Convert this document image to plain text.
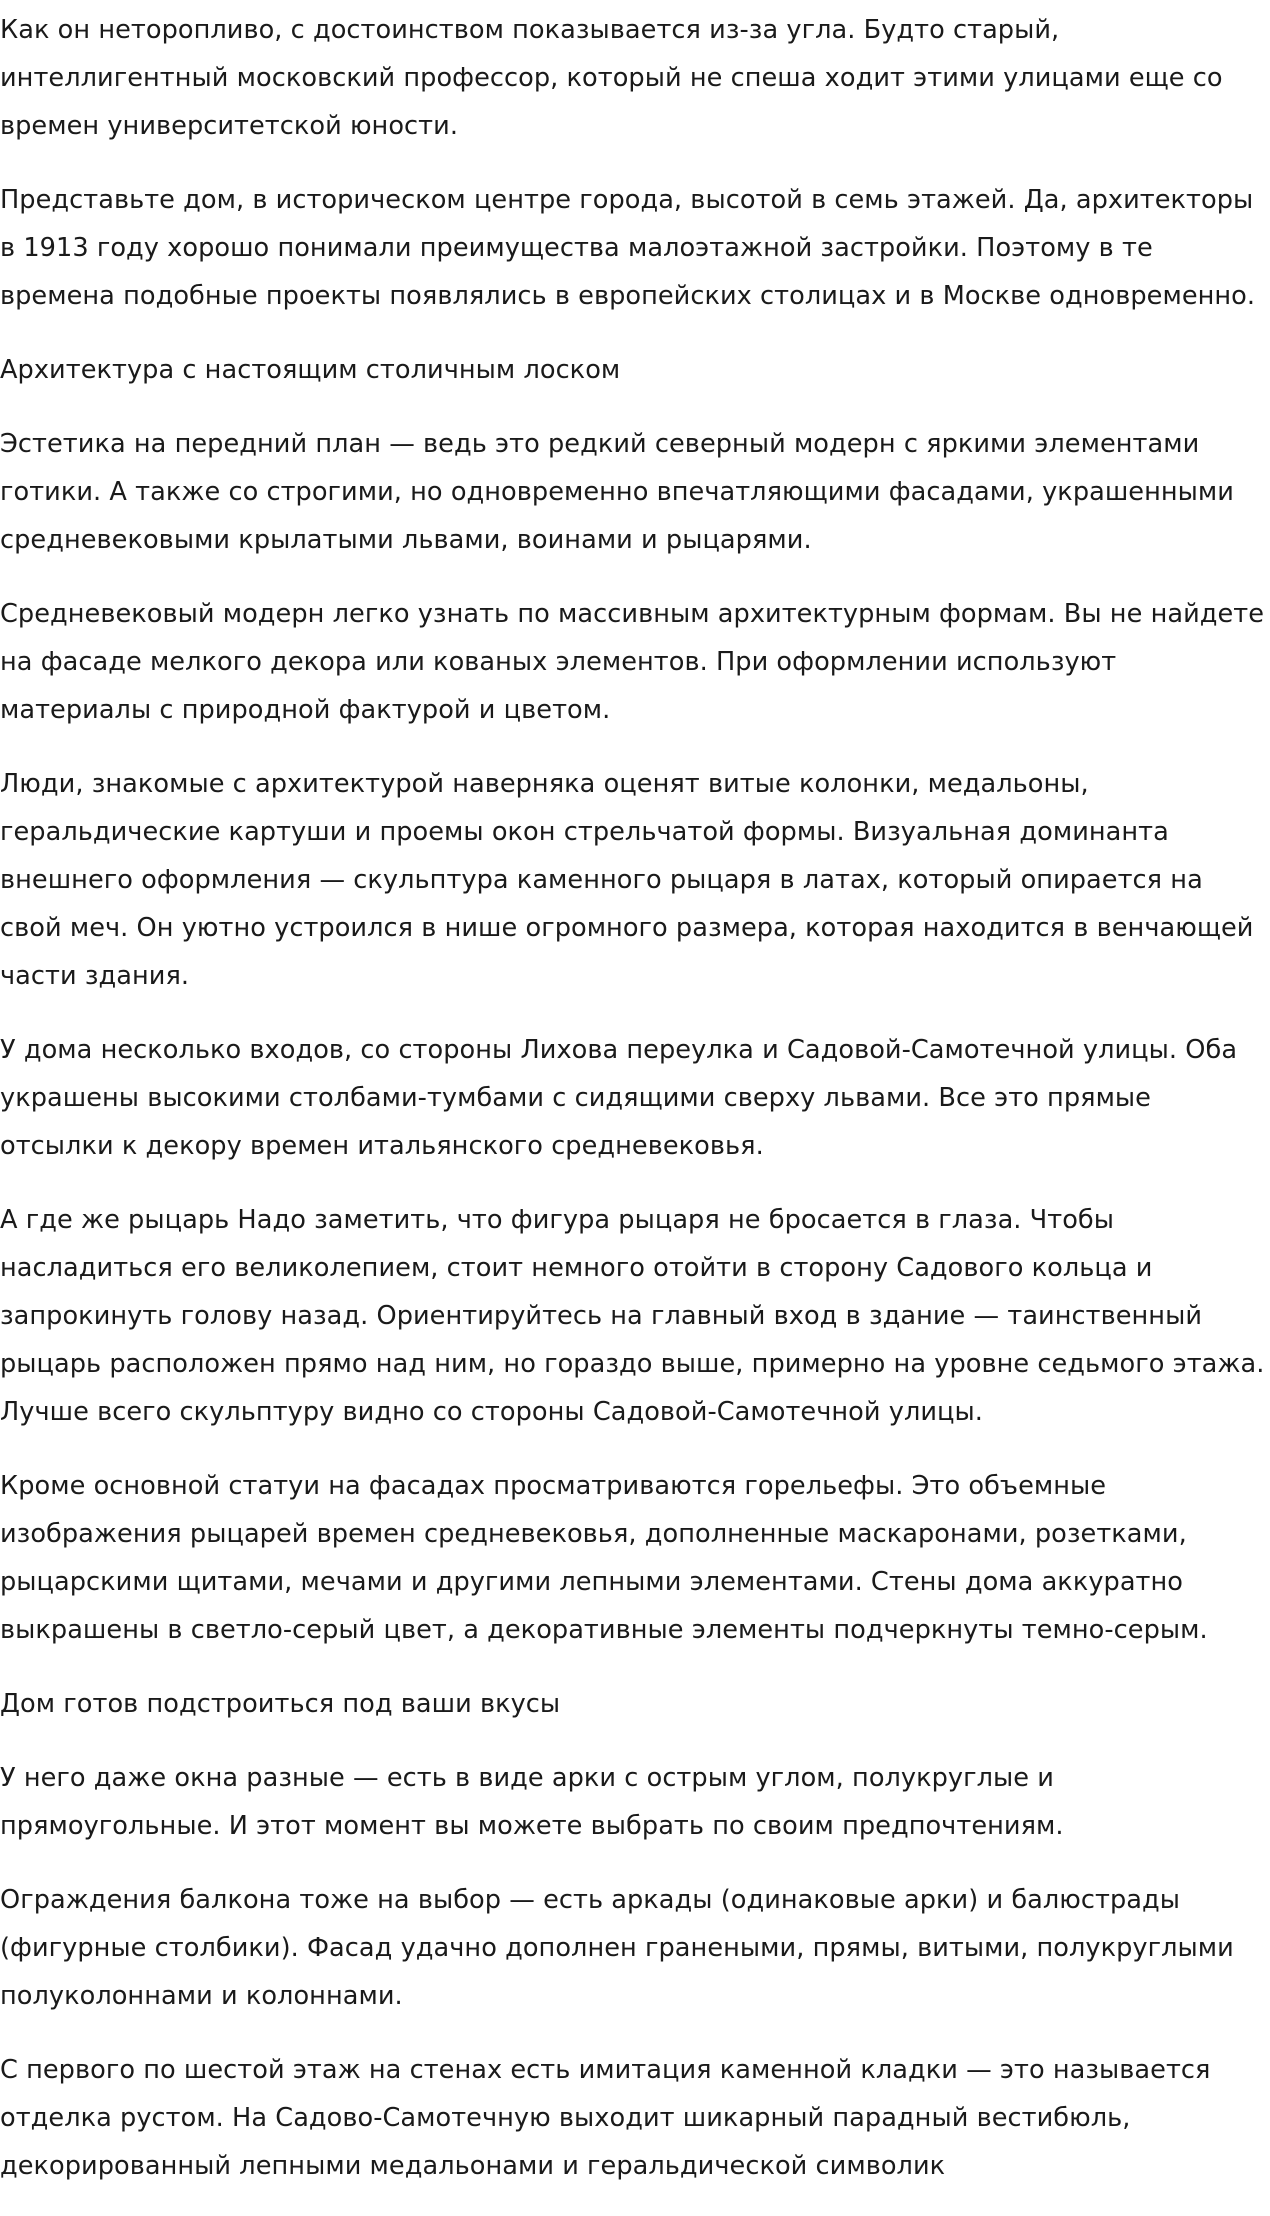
Как он неторопливо, с достоинством показывается из-за угла. Будто старый, интеллигентный московский профессор, который не спеша ходит этими улицами еще со времен университетской юности.

Представьте дом, в историческом центре города, высотой в семь этажей. Да, архитекторы в 1913 году хорошо понимали преимущества малоэтажной застройки. Поэтому в те времена подобные проекты появлялись в европейских столицах и в Москве одновременно.

Архитектура с настоящим столичным лоском

Эстетика на передний план — ведь это редкий северный модерн с яркими элементами готики. А также со строгими, но одновременно впечатляющими фасадами, украшенными средневековыми крылатыми львами, воинами и рыцарями.

Средневековый модерн легко узнать по массивным архитектурным формам. Вы не найдете на фасаде мелкого декора или кованых элементов. При оформлении используют материалы с природной фактурой и цветом.

Люди, знакомые с архитектурой наверняка оценят витые колонки, медальоны, геральдические картуши и проемы окон стрельчатой формы. Визуальная доминанта внешнего оформления — скульптура каменного рыцаря в латах, который опирается на свой меч. Он уютно устроился в нише огромного размера, которая находится в венчающей части здания.

У дома несколько входов, со стороны Лихова переулка и Садовой-Самотечной улицы. Оба украшены высокими столбами-тумбами с сидящими сверху львами. Все это прямые отсылки к декору времен итальянского средневековья.

А где же рыцарь Надо заметить, что фигура рыцаря не бросается в глаза. Чтобы насладиться его великолепием, стоит немного отойти в сторону Садового кольца и запрокинуть голову назад. Ориентируйтесь на главный вход в здание — таинственный рыцарь расположен прямо над ним, но гораздо выше, примерно на уровне седьмого этажа. Лучше всего скульптуру видно со стороны Садовой-Самотечной улицы.

Кроме основной статуи на фасадах просматриваются горельефы. Это объемные изображения рыцарей времен средневековья, дополненные маскаронами, розетками, рыцарскими щитами, мечами и другими лепными элементами. Стены дома аккуратно выкрашены в светло-серый цвет, а декоративные элементы подчеркнуты темно-серым.

Дом готов подстроиться под ваши вкусы

У него даже окна разные — есть в виде арки с острым углом, полукруглые и прямоугольные. И этот момент вы можете выбрать по своим предпочтениям.

Ограждения балкона тоже на выбор — есть аркады (одинаковые арки) и балюстрады (фигурные столбики). Фасад удачно дополнен гранеными, прямы, витыми, полукруглыми полуколоннами и колоннами.

С первого по шестой этаж на стенах есть имитация каменной кладки — это называется отделка рустом. На Садово-Самотечную выходит шикарный парадный вестибюль, декорированный лепными медальонами и геральдической символик
